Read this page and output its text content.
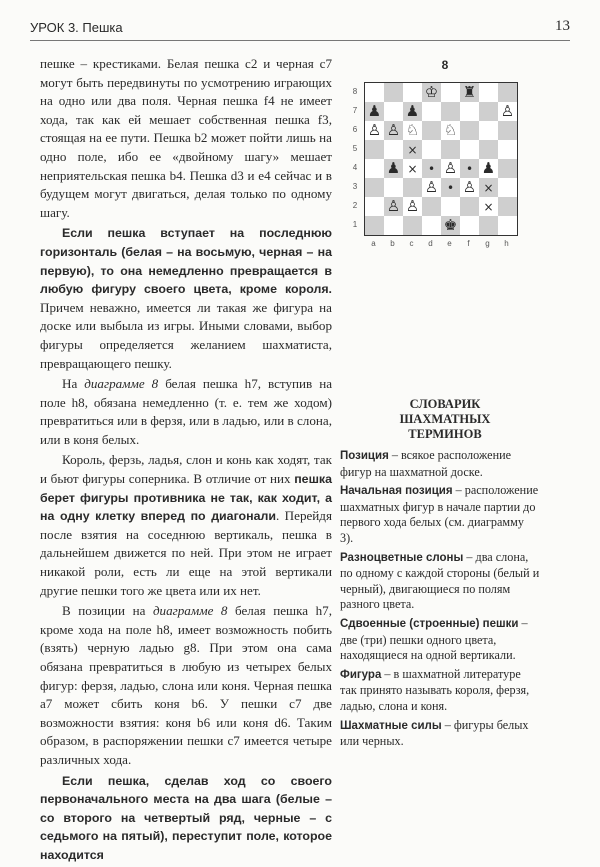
УРОК 3. Пешка	13

пешке – крестиками. Белая пешка с2 и черная с7 могут быть передвинуты по усмотрению играющих на одно или два поля. Черная пешка f4 не имеет хода, так как ей мешает собственная пешка f3, стоящая на ее пути. Пешка b2 может пойти лишь на одно поле, ибо ее «двойному шагу» мешает неприятельская пешка b4. Пешка d3 и e4 сейчас и в будущем могут двигаться, делая только по одному шагу.

Если пешка вступает на последнюю горизонталь (белая – на восьмую, черная – на первую), то она немедленно превращается в любую фигуру своего цвета, кроме короля. Причем неважно, имеется ли такая же фигура на доске или выбыла из игры. Иными словами, выбор фигуры определяется желанием шахматиста, превращающего пешку.

На диаграмме 8 белая пешка h7, вступив на поле h8, обязана немедленно (т. е. тем же ходом) превратиться или в ферзя, или в ладью, или в слона, или в коня белых.

Король, ферзь, ладья, слон и конь как ходят, так и бьют фигуры соперника. В отличие от них пешка берет фигуры противника не так, как ходит, а на одну клетку вперед по диагонали. Перейдя после взятия на соседнюю вертикаль, пешка в дальнейшем движется по ней. При этом не играет никакой роли, есть ли еще на этой вертикали другие пешки того же цвета или их нет.

В позиции на диаграмме 8 белая пешка h7, кроме хода на поле h8, имеет возможность побить (взять) черную ладью g8. При этом она сама обязана превратиться в любую из четырех белых фигур: ферзя, ладью, слона или коня. Черная пешка а7 может сбить коня b6. У пешки с7 две возможности взятия: коня b6 или коня d6. Таким образом, в распоряжении пешки с7 имеется четыре различных хода.

Если пешка, сделав ход со своего первоначального места на два шага (белые – со второго на четвертый ряд, черные – с седьмого на пятый), переступит поле, которое находится

8
8
7
6
5
4
3
2
1
♔ ♜
♟ ♟	♙
♙ ♙ ♘ ♘
×
♟ × • ♙ • ♟
♙ • ♙ ×
♙ ♙	×
♚
a	b	c	d	e	f	g	h
СЛОВАРИК
ШАХМАТНЫХ
ТЕРМИНОВ

Позиция – всякое расположение фигур на шахматной доске.

Начальная позиция – расположение шахматных фигур в начале партии до первого хода белых (см. диаграмму 3).

Разноцветные слоны – два слона, по одному с каждой стороны (белый и черный), двигающиеся по полям разного цвета.

Сдвоенные (строенные) пешки – две (три) пешки одного цвета, находящиеся на одной вертикали.

Фигура – в шахматной литературе так принято называть короля, ферзя, ладью, слона и коня.

Шахматные силы – фигуры белых или черных.
